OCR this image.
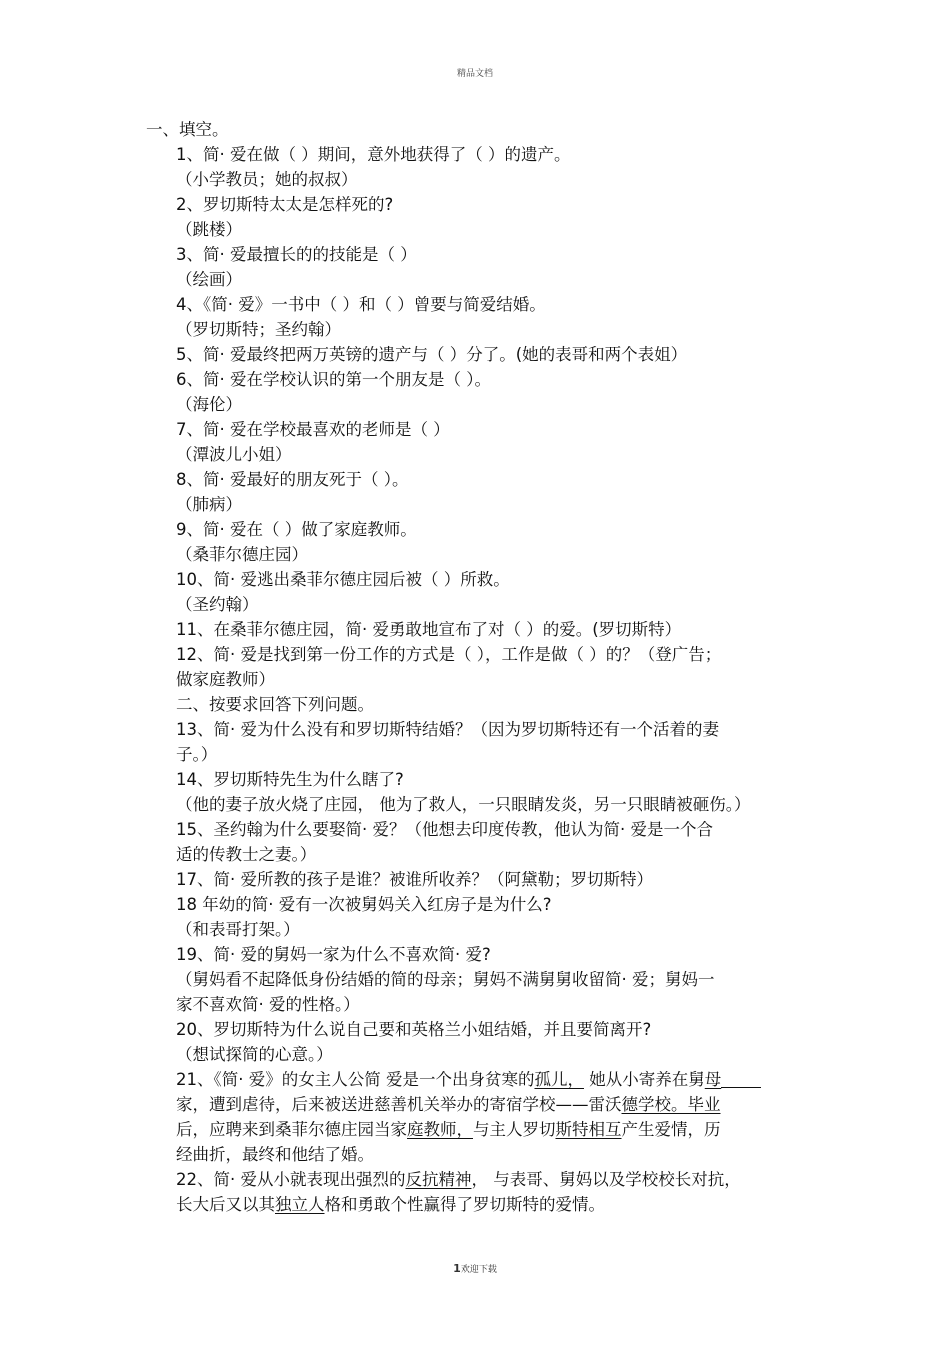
精品文档
一、填空。
1、简· 爱在做（ ）期间，意外地获得了（ ）的遗产。
（小学教员；她的叔叔）
2、罗切斯特太太是怎样死的?
（跳楼）
3、简· 爱最擅长的的技能是（ ）
（绘画）
4、《简· 爱》一书中（ ）和（ ）曾要与简爱结婚。
（罗切斯特；圣约翰）
5、简· 爱最终把两万英镑的遗产与（ ）分了。(她的表哥和两个表姐）
6、简· 爱在学校认识的第一个朋友是（ ）。
（海伦）
7、简· 爱在学校最喜欢的老师是（ ）
（潭波儿小姐）
8、简· 爱最好的朋友死于（ ）。
（肺病）
9、简· 爱在（ ）做了家庭教师。
（桑菲尔德庄园）
10、简· 爱逃出桑菲尔德庄园后被（ ）所救。
（圣约翰）
11、在桑菲尔德庄园，简· 爱勇敢地宣布了对（ ）的爱。(罗切斯特）
12、简· 爱是找到第一份工作的方式是（ ），工作是做（ ）的？（登广告；
做家庭教师）
二、按要求回答下列问题。
13、简· 爱为什么没有和罗切斯特结婚？（因为罗切斯特还有一个活着的妻
子。）
14、罗切斯特先生为什么瞎了?
（他的妻子放火烧了庄园， 他为了救人，一只眼睛发炎，另一只眼睛被砸伤。）
15、圣约翰为什么要娶简· 爱？（他想去印度传教，他认为简· 爱是一个合
适的传教士之妻。）
17、简· 爱所教的孩子是谁？被谁所收养？（阿黛勒；罗切斯特）
18 年幼的简· 爱有一次被舅妈关入红房子是为什么?
（和表哥打架。）
19、简· 爱的舅妈一家为什么不喜欢简· 爱?
（舅妈看不起降低身份结婚的简的母亲；舅妈不满舅舅收留简· 爱；舅妈一
家不喜欢简· 爱的性格。）
20、罗切斯特为什么说自己要和英格兰小姐结婚，并且要简离开?
（想试探简的心意。）
21、《简· 爱》的女主人公简 爱是一个出身贫寒的孤儿， 她从小寄养在舅母
家，遭到虐待，后来被送进慈善机关举办的寄宿学校——雷沃德学校。毕业
后，应聘来到桑菲尔德庄园当家庭教师，与主人罗切斯特相互产生爱情，历
经曲折，最终和他结了婚。
22、简· 爱从小就表现出强烈的反抗精神， 与表哥、舅妈以及学校校长对抗，
长大后又以其独立人格和勇敢个性赢得了罗切斯特的爱情。
1欢迎下载
